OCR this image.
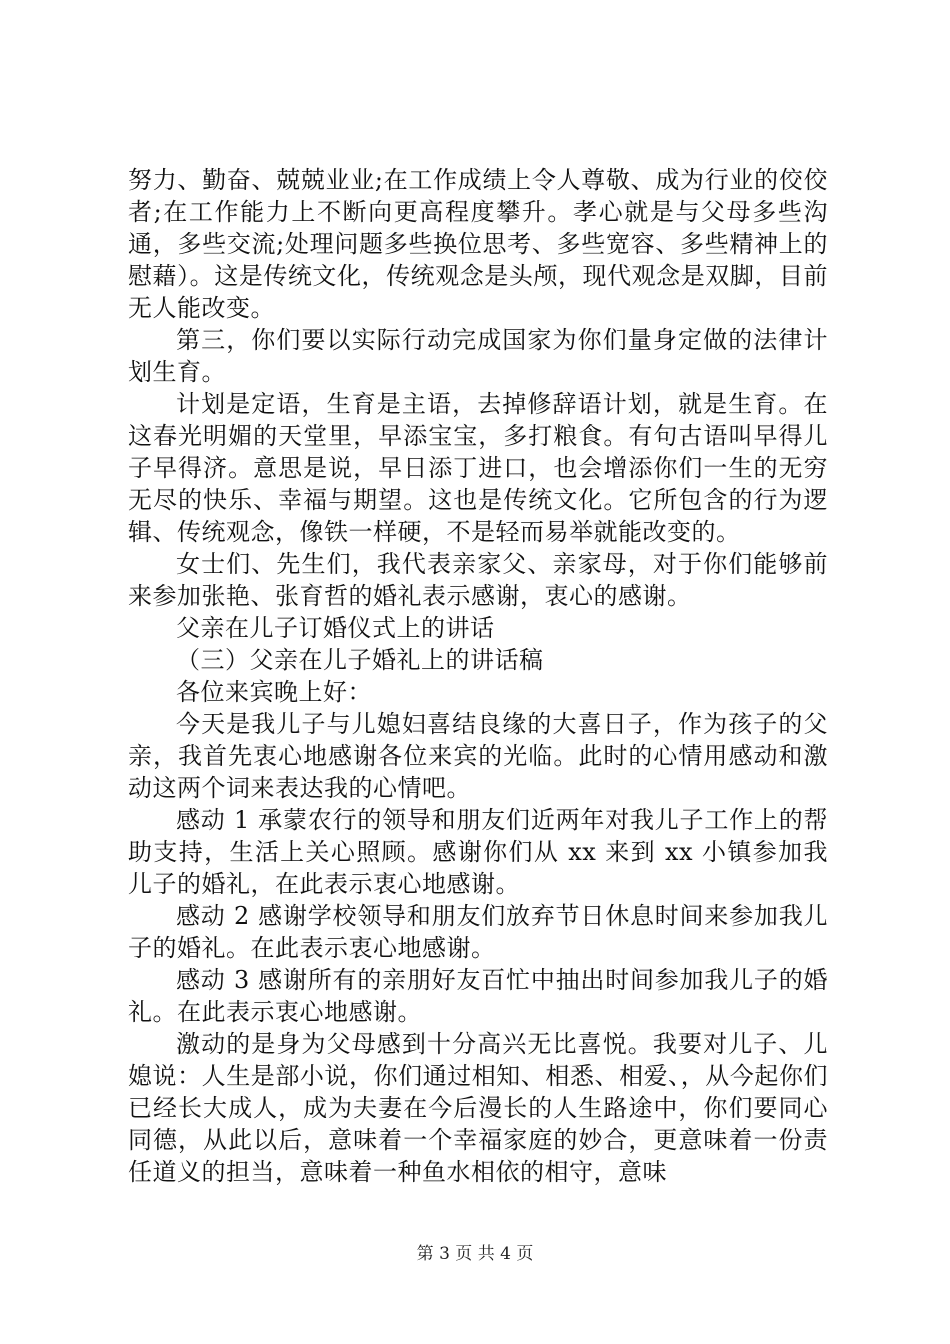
努力、勤奋、兢兢业业;在工作成绩上令人尊敬、成为行业的佼佼者;在工作能力上不断向更高程度攀升。孝心就是与父母多些沟通，多些交流;处理问题多些换位思考、多些宽容、多些精神上的慰藉）。这是传统文化，传统观念是头颅，现代观念是双脚，目前无人能改变。

第三，你们要以实际行动完成国家为你们量身定做的法律计划生育。

计划是定语，生育是主语，去掉修辞语计划，就是生育。在这春光明媚的天堂里，早添宝宝，多打粮食。有句古语叫早得儿子早得济。意思是说，早日添丁进口，也会增添你们一生的无穷无尽的快乐、幸福与期望。这也是传统文化。它所包含的行为逻辑、传统观念，像铁一样硬，不是轻而易举就能改变的。

女士们、先生们，我代表亲家父、亲家母，对于你们能够前来参加张艳、张育哲的婚礼表示感谢，衷心的感谢。

父亲在儿子订婚仪式上的讲话

（三）父亲在儿子婚礼上的讲话稿

各位来宾晚上好：

今天是我儿子与儿媳妇喜结良缘的大喜日子，作为孩子的父亲，我首先衷心地感谢各位来宾的光临。此时的心情用感动和激动这两个词来表达我的心情吧。

感动 1 承蒙农行的领导和朋友们近两年对我儿子工作上的帮助支持，生活上关心照顾。感谢你们从 xx 来到 xx 小镇参加我儿子的婚礼，在此表示衷心地感谢。

感动 2 感谢学校领导和朋友们放弃节日休息时间来参加我儿子的婚礼。在此表示衷心地感谢。

感动 3 感谢所有的亲朋好友百忙中抽出时间参加我儿子的婚礼。在此表示衷心地感谢。

激动的是身为父母感到十分高兴无比喜悦。我要对儿子、儿媳说：人生是部小说，你们通过相知、相悉、相爱、，从今起你们已经长大成人，成为夫妻在今后漫长的人生路途中，你们要同心同德，从此以后，意味着一个幸福家庭的妙合，更意味着一份责任道义的担当，意味着一种鱼水相依的相守，意味

第 3 页 共 4 页
